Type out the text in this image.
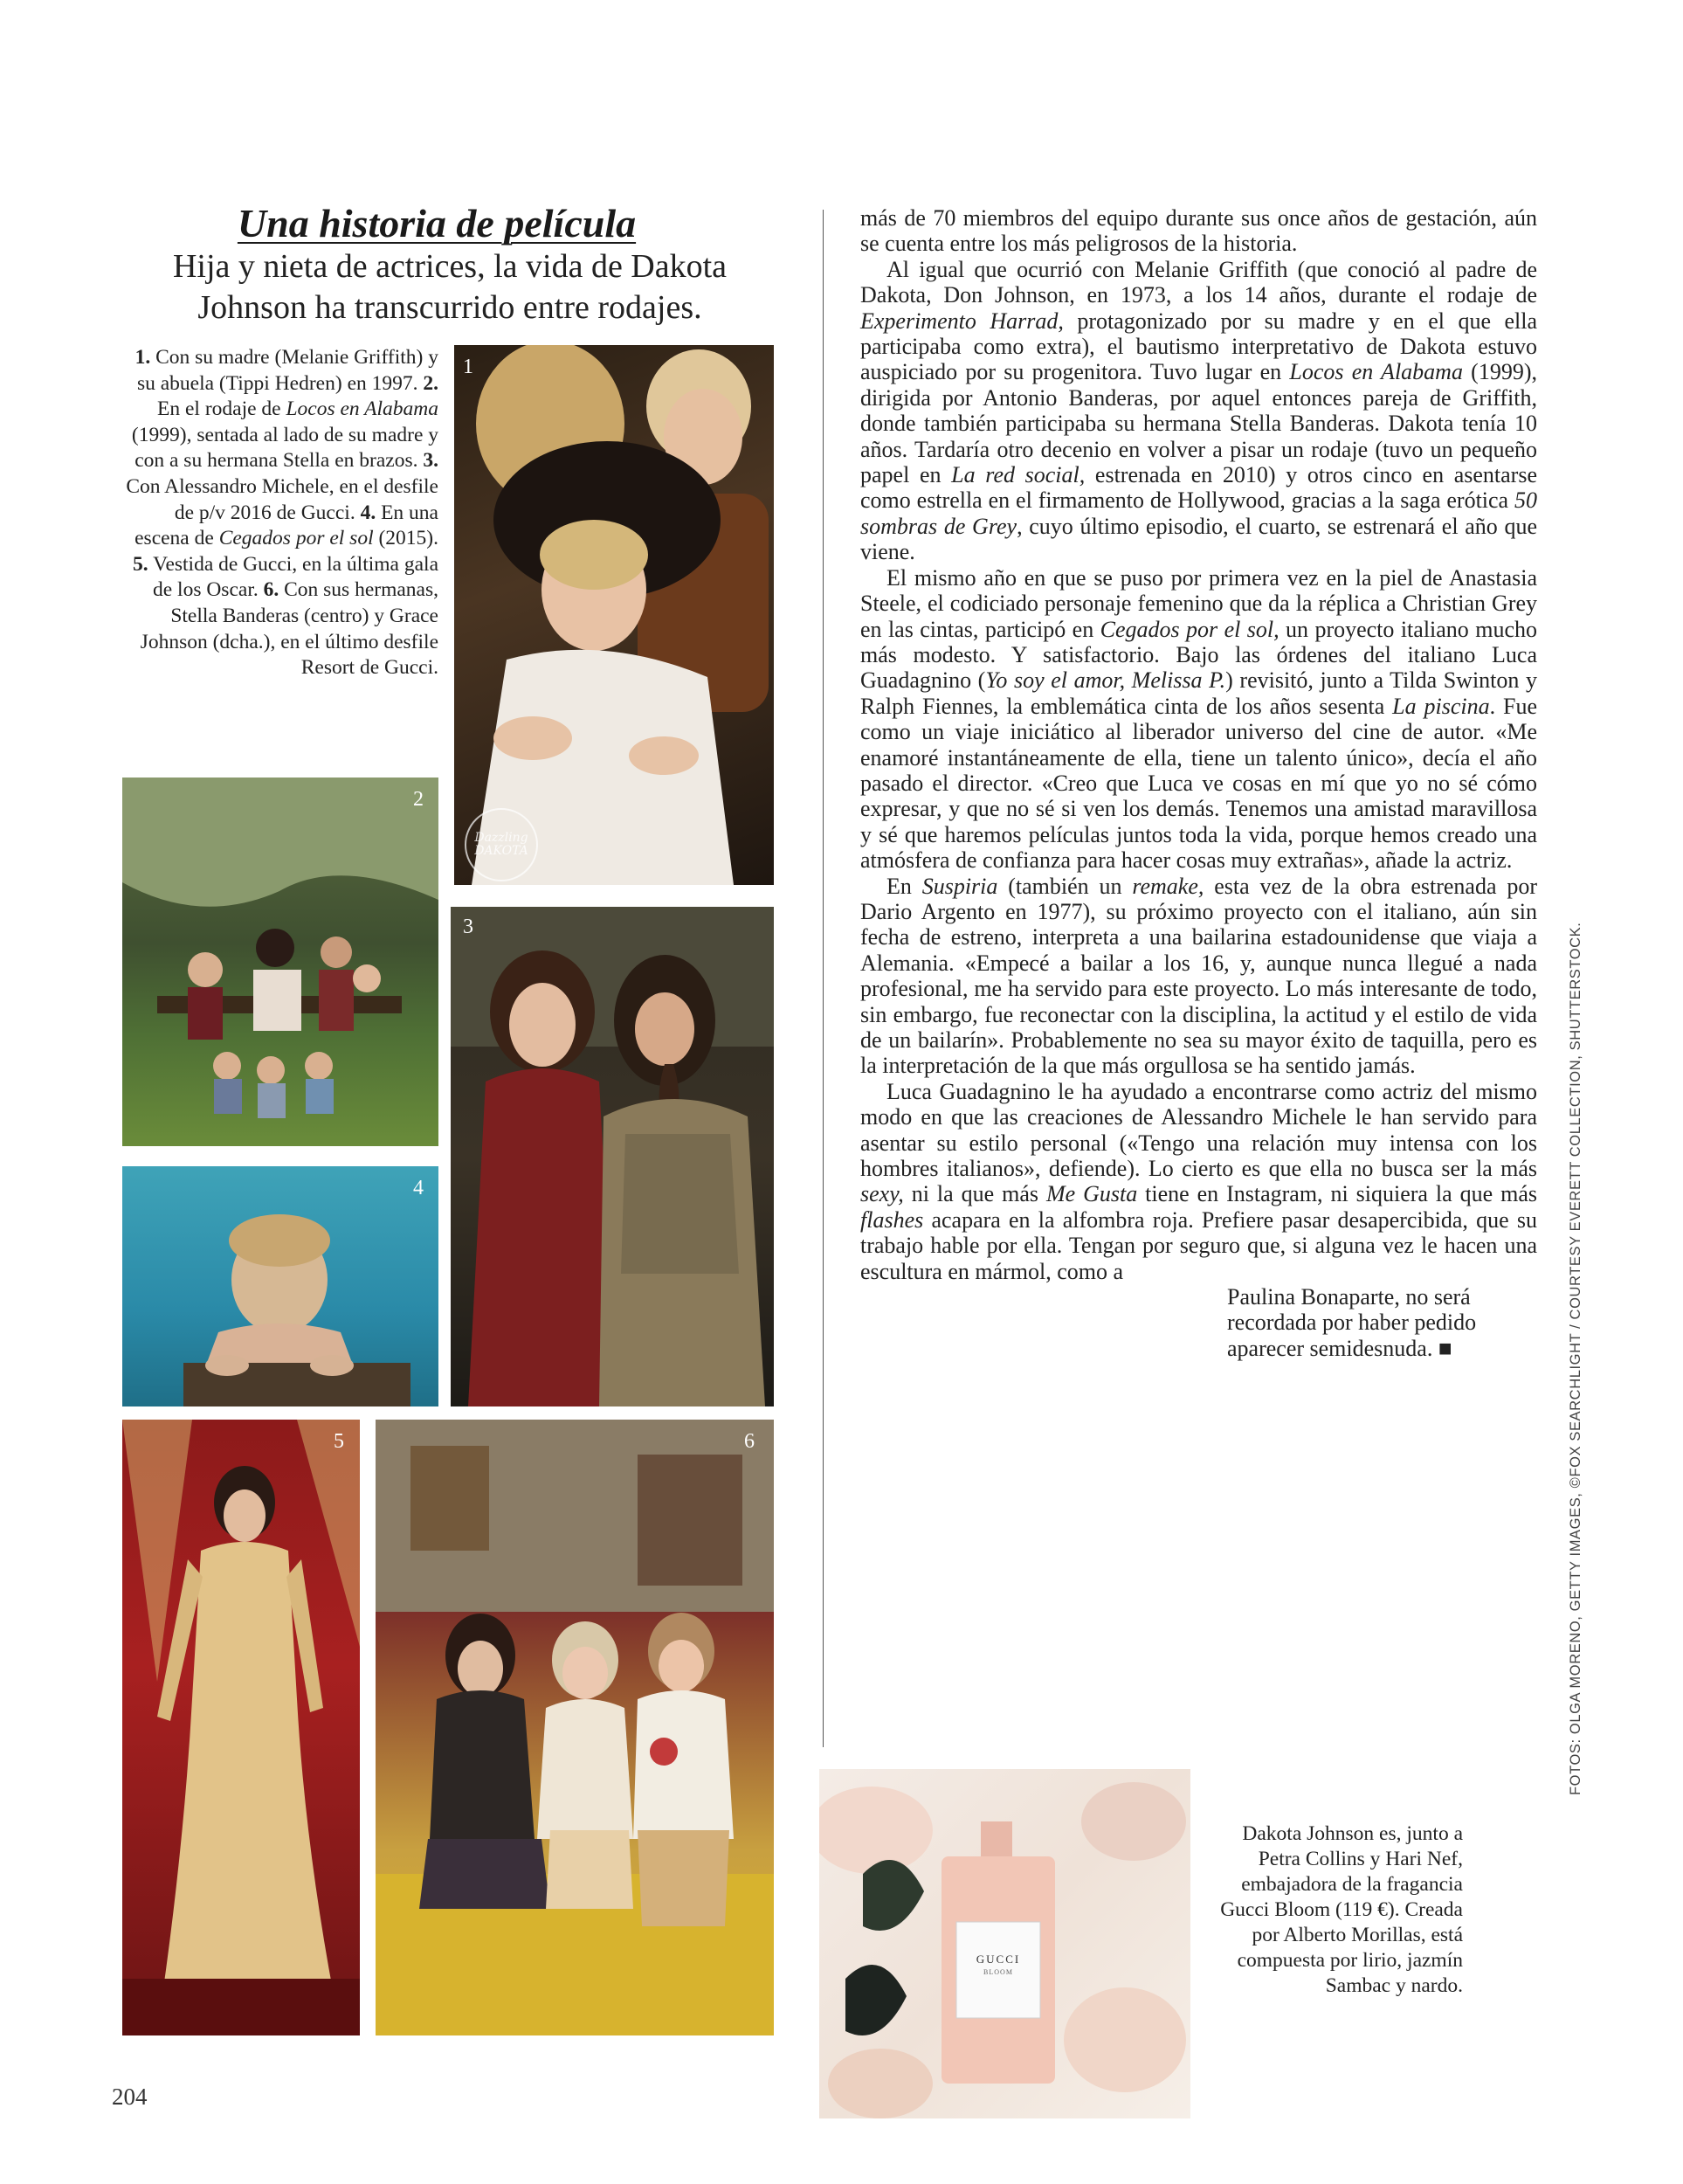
Una historia de película
Hija y nieta de actrices, la vida de Dakota Johnson ha transcurrido entre rodajes.
1. Con su madre (Melanie Griffith) y su abuela (Tippi Hedren) en 1997. 2. En el rodaje de Locos en Alabama (1999), sentada al lado de su madre y con a su hermana Stella en brazos. 3. Con Alessandro Michele, en el desfile de p/v 2016 de Gucci. 4. En una escena de Cegados por el sol (2015). 5. Vestida de Gucci, en la última gala de los Oscar. 6. Con sus hermanas, Stella Banderas (centro) y Grace Johnson (dcha.), en el último desfile Resort de Gucci.
1
Dazzling DAKOTA
2
3
4
5	6

más de 70 miembros del equipo durante sus once años de gestación, aún se cuenta entre los más peligrosos de la historia.

Al igual que ocurrió con Melanie Griffith (que conoció al padre de Dakota, Don Johnson, en 1973, a los 14 años, durante el rodaje de Experimento Harrad, protagonizado por su madre y en el que ella participaba como extra), el bautismo interpretativo de Dakota estuvo auspiciado por su progenitora. Tuvo lugar en Locos en Alabama (1999), dirigida por Antonio Banderas, por aquel entonces pareja de Griffith, donde también participaba su hermana Stella Banderas. Dakota tenía 10 años. Tardaría otro decenio en volver a pisar un rodaje (tuvo un pequeño papel en La red social, estrenada en 2010) y otros cinco en asentarse como estrella en el firmamento de Hollywood, gracias a la saga erótica 50 sombras de Grey, cuyo último episodio, el cuarto, se estrenará el año que viene.

El mismo año en que se puso por primera vez en la piel de Anastasia Steele, el codiciado personaje femenino que da la réplica a Christian Grey en las cintas, participó en Cegados por el sol, un proyecto italiano mucho más modesto. Y satisfactorio. Bajo las órdenes del italiano Luca Guadagnino (Yo soy el amor, Melissa P.) revisitó, junto a Tilda Swinton y Ralph Fiennes, la emblemática cinta de los años sesenta La piscina. Fue como un viaje iniciático al liberador universo del cine de autor. «Me enamoré instantáneamente de ella, tiene un talento único», decía el año pasado el director. «Creo que Luca ve cosas en mí que yo no sé cómo expresar, y que no sé si ven los demás. Tenemos una amistad maravillosa y sé que haremos películas juntos toda la vida, porque hemos creado una atmósfera de confianza para hacer cosas muy extrañas», añade la actriz.

En Suspiria (también un remake, esta vez de la obra estrenada por Dario Argento en 1977), su próximo proyecto con el italiano, aún sin fecha de estreno, interpreta a una bailarina estadounidense que viaja a Alemania. «Empecé a bailar a los 16, y, aunque nunca llegué a nada profesional, me ha servido para este proyecto. Lo más interesante de todo, sin embargo, fue reconectar con la disciplina, la actitud y el estilo de vida de un bailarín». Probablemente no sea su mayor éxito de taquilla, pero es la interpretación de la que más orgullosa se ha sentido jamás.

Luca Guadagnino le ha ayudado a encontrarse como actriz del mismo modo en que las creaciones de Alessandro Michele le han servido para asentar su estilo personal («Tengo una relación muy intensa con los hombres italianos», defiende). Lo cierto es que ella no busca ser la más sexy, ni la que más Me Gusta tiene en Instagram, ni siquiera la que más flashes acapara en la alfombra roja. Prefiere pasar desapercibida, que su trabajo hable por ella. Tengan por seguro que, si alguna vez le hacen una escultura en mármol, como a

Paulina Bonaparte, no será recordada por haber pedido aparecer semidesnuda. ■

GUCCI
BLOOM
Dakota Johnson es, junto a Petra Collins y Hari Nef, embajadora de la fragancia Gucci Bloom (119 €). Creada por Alberto Morillas, está compuesta por lirio, jazmín Sambac y nardo.
204
FOTOS: OLGA MORENO, GETTY IMAGES, ©FOX SEARCHLIGHT / COURTESY EVERETT COLLECTION, SHUTTERSTOCK.
